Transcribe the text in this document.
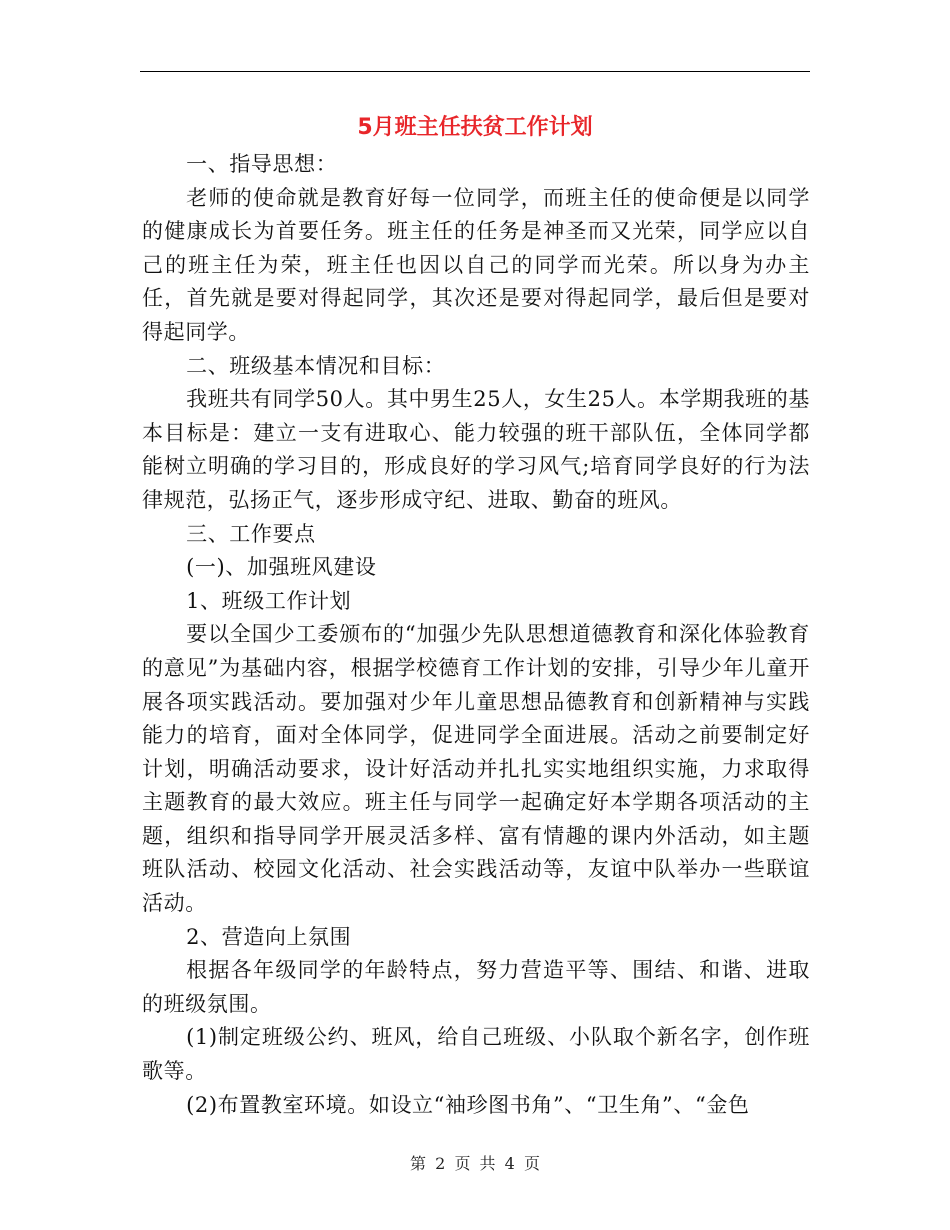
5月班主任扶贫工作计划

一、指导思想：

老师的使命就是教育好每一位同学，而班主任的使命便是以同学的健康成长为首要任务。班主任的任务是神圣而又光荣，同学应以自己的班主任为荣，班主任也因以自己的同学而光荣。所以身为办主任，首先就是要对得起同学，其次还是要对得起同学，最后但是要对得起同学。

二、班级基本情况和目标：

我班共有同学50人。其中男生25人，女生25人。本学期我班的基本目标是：建立一支有进取心、能力较强的班干部队伍，全体同学都能树立明确的学习目的，形成良好的学习风气;培育同学良好的行为法律规范，弘扬正气，逐步形成守纪、进取、勤奋的班风。

三、工作要点

(一)、加强班风建设

1、班级工作计划

要以全国少工委颁布的“加强少先队思想道德教育和深化体验教育的意见”为基础内容，根据学校德育工作计划的安排，引导少年儿童开展各项实践活动。要加强对少年儿童思想品德教育和创新精神与实践能力的培育，面对全体同学，促进同学全面进展。活动之前要制定好计划，明确活动要求，设计好活动并扎扎实实地组织实施，力求取得主题教育的最大效应。班主任与同学一起确定好本学期各项活动的主题，组织和指导同学开展灵活多样、富有情趣的课内外活动，如主题班队活动、校园文化活动、社会实践活动等，友谊中队举办一些联谊活动。

2、营造向上氛围

根据各年级同学的年龄特点，努力营造平等、围结、和谐、进取的班级氛围。

(1)制定班级公约、班风，给自己班级、小队取个新名字，创作班歌等。

(2)布置教室环境。如设立“袖珍图书角”、“卫生角”、“金色

第 2 页 共 4 页
